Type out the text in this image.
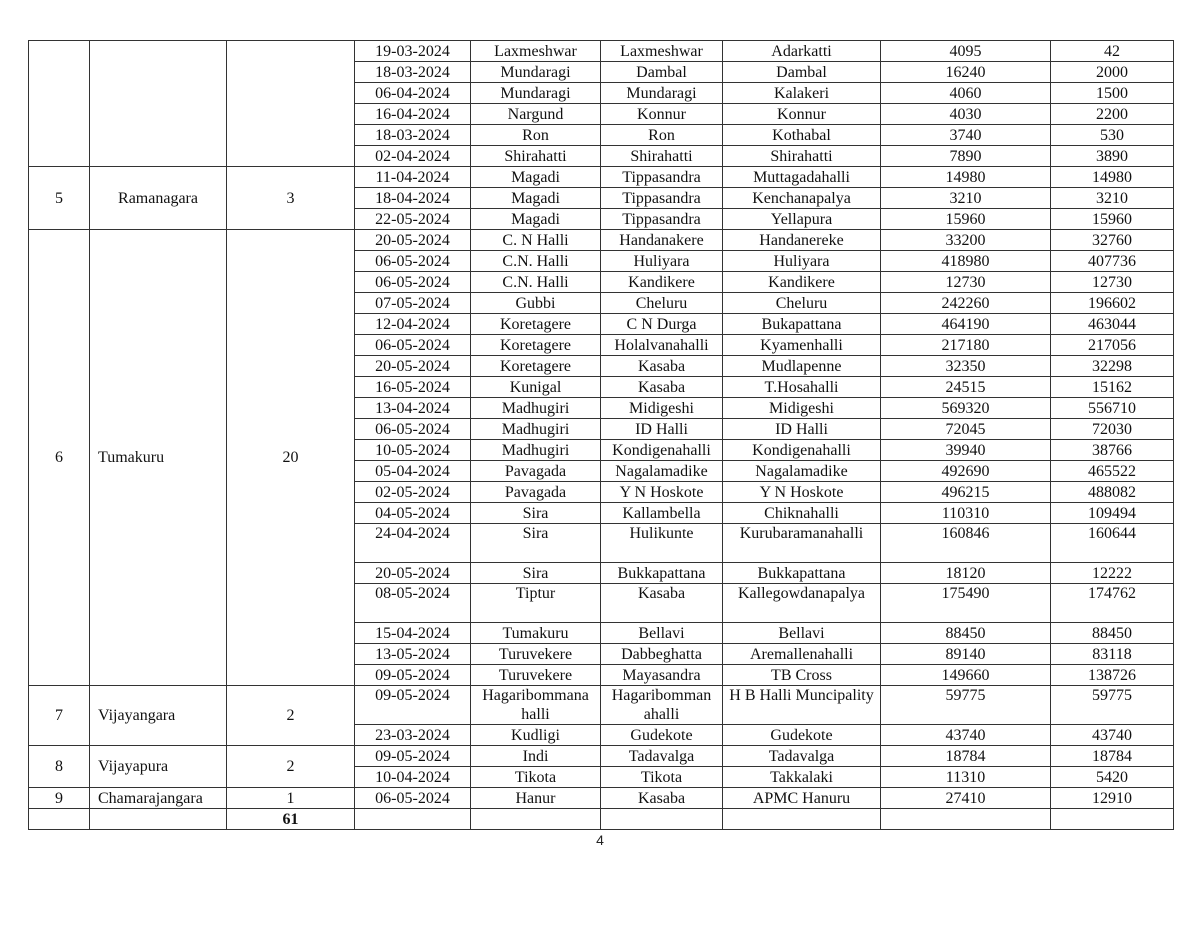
			19-03-2024	Laxmeshwar	Laxmeshwar	Adarkatti	4095	42
			18-03-2024	Mundaragi	Dambal	Dambal	16240	2000
			06-04-2024	Mundaragi	Mundaragi	Kalakeri	4060	1500
			16-04-2024	Nargund	Konnur	Konnur	4030	2200
			18-03-2024	Ron	Ron	Kothabal	3740	530
			02-04-2024	Shirahatti	Shirahatti	Shirahatti	7890	3890
5	Ramanagara	3	11-04-2024	Magadi	Tippasandra	Muttagadahalli	14980	14980
			18-04-2024	Magadi	Tippasandra	Kenchanapalya	3210	3210
			22-05-2024	Magadi	Tippasandra	Yellapura	15960	15960
6	Tumakuru	20	20-05-2024	C. N Halli	Handanakere	Handanereke	33200	32760
			06-05-2024	C.N. Halli	Huliyara	Huliyara	418980	407736
			06-05-2024	C.N. Halli	Kandikere	Kandikere	12730	12730
			07-05-2024	Gubbi	Cheluru	Cheluru	242260	196602
			12-04-2024	Koretagere	C N Durga	Bukapattana	464190	463044
			06-05-2024	Koretagere	Holalvanahalli	Kyamenhalli	217180	217056
			20-05-2024	Koretagere	Kasaba	Mudlapenne	32350	32298
			16-05-2024	Kunigal	Kasaba	T.Hosahalli	24515	15162
			13-04-2024	Madhugiri	Midigeshi	Midigeshi	569320	556710
			06-05-2024	Madhugiri	ID Halli	ID Halli	72045	72030
			10-05-2024	Madhugiri	Kondigenahalli	Kondigenahalli	39940	38766
			05-04-2024	Pavagada	Nagalamadike	Nagalamadike	492690	465522
			02-05-2024	Pavagada	Y N Hoskote	Y N Hoskote	496215	488082
			04-05-2024	Sira	Kallambella	Chiknahalli	110310	109494
			24-04-2024	Sira	Hulikunte	Kurubaramanahalli	160846	160644
			20-05-2024	Sira	Bukkapattana	Bukkapattana	18120	12222
			08-05-2024	Tiptur	Kasaba	Kallegowdanapalya	175490	174762
			15-04-2024	Tumakuru	Bellavi	Bellavi	88450	88450
			13-05-2024	Turuvekere	Dabbeghatta	Aremallenahalli	89140	83118
			09-05-2024	Turuvekere	Mayasandra	TB Cross	149660	138726
7	Vijayangara	2	09-05-2024	Hagaribommana halli	Hagaribomman ahalli	H B Halli Muncipality	59775	59775
			23-03-2024	Kudligi	Gudekote	Gudekote	43740	43740
8	Vijayapura	2	09-05-2024	Indi	Tadavalga	Tadavalga	18784	18784
			10-04-2024	Tikota	Tikota	Takkalaki	11310	5420
9	Chamarajangara	1	06-05-2024	Hanur	Kasaba	APMC Hanuru	27410	12910
		61						
4
